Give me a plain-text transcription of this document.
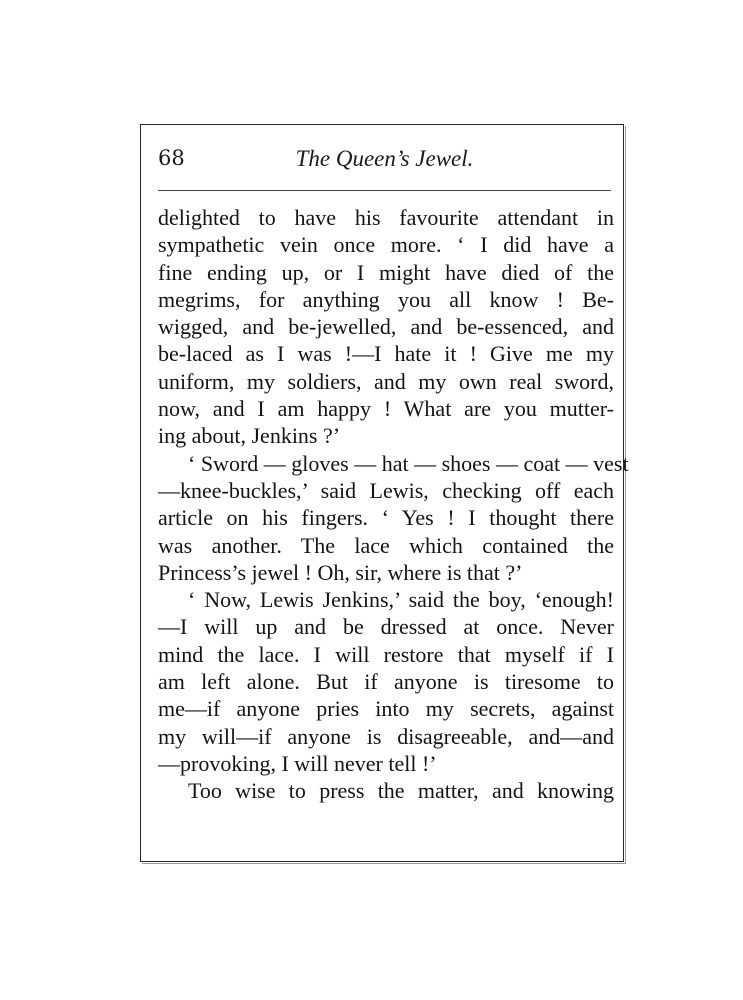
68	The Queen’s Jewel.
delighted to have his favourite attendant in
sympathetic vein once more. ‘ I did have a
fine ending up, or I might have died of the
megrims, for anything you all know ! Be-
wigged, and be-jewelled, and be-essenced, and
be-laced as I was !—I hate it ! Give me my
uniform, my soldiers, and my own real sword,
now, and I am happy ! What are you mutter-
ing about, Jenkins ?’
‘ Sword — gloves — hat — shoes — coat — vest
—knee-buckles,’ said Lewis, checking off each
article on his fingers. ‘ Yes ! I thought there
was another. The lace which contained the
Princess’s jewel ! Oh, sir, where is that ?’
‘ Now, Lewis Jenkins,’ said the boy, ‘enough!
—I will up and be dressed at once. Never
mind the lace. I will restore that myself if I
am left alone. But if anyone is tiresome to
me—if anyone pries into my secrets, against
my will—if anyone is disagreeable, and—and
—provoking, I will never tell !’
Too wise to press the matter, and knowing
